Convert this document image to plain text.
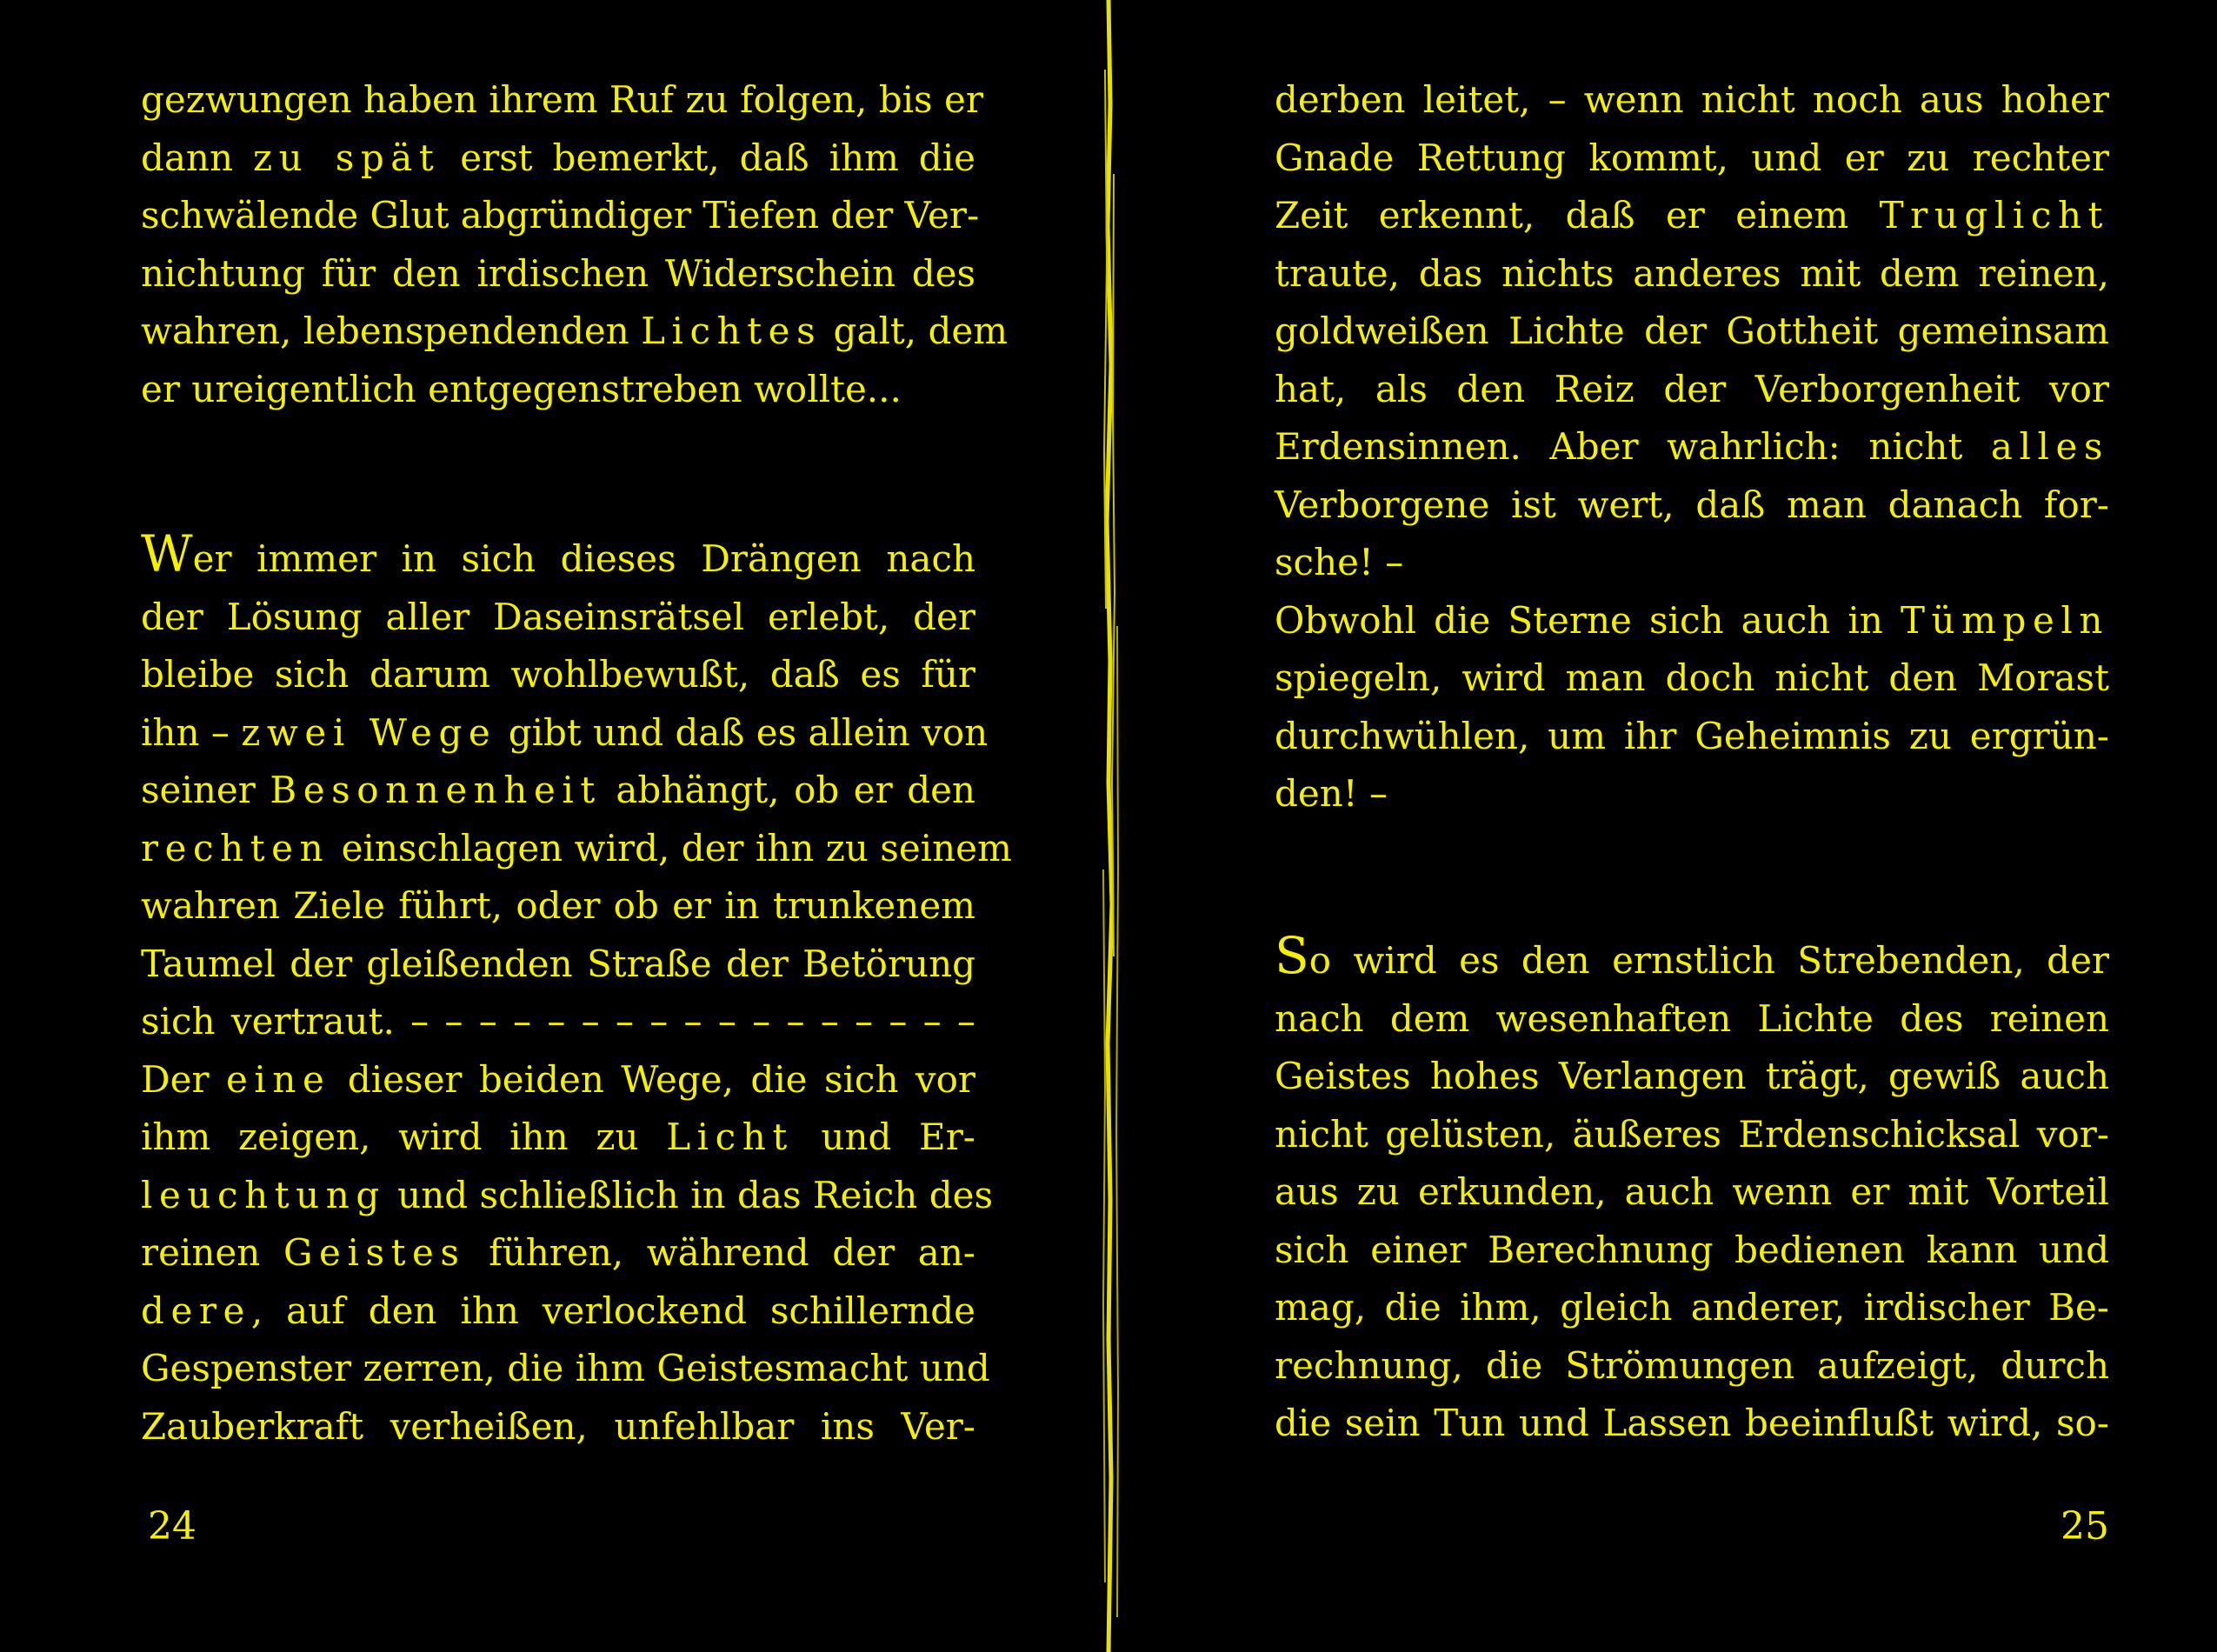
gezwungen haben ihrem Ruf zu folgen, bis er
dann zu spät erst bemerkt, daß ihm die
schwälende Glut abgründiger Tiefen der Ver-
nichtung für den irdischen Widerschein des
wahren, lebenspendenden Lichtes galt, dem
er ureigentlich entgegenstreben wollte...
Wer immer in sich dieses Drängen nach
der Lösung aller Daseinsrätsel erlebt, der
bleibe sich darum wohlbewußt, daß es für
ihn – zwei Wege gibt und daß es allein von
seiner Besonnenheit abhängt, ob er den
rechten einschlagen wird, der ihn zu seinem
wahren Ziele führt, oder ob er in trunkenem
Taumel der gleißenden Straße der Betörung
sich vertraut. – – – – – – – – – – – – – – – – –
Der eine dieser beiden Wege, die sich vor
ihm zeigen, wird ihn zu Licht und Er-
leuchtung und schließlich in das Reich des
reinen Geistes führen, während der an-
dere, auf den ihn verlockend schillernde
Gespenster zerren, die ihm Geistesmacht und
Zauberkraft verheißen, unfehlbar ins Ver-
24
derben leitet, – wenn nicht noch aus hoher
Gnade Rettung kommt, und er zu rechter
Zeit erkennt, daß er einem Truglicht
traute, das nichts anderes mit dem reinen,
goldweißen Lichte der Gottheit gemeinsam
hat, als den Reiz der Verborgenheit vor
Erdensinnen. Aber wahrlich: nicht alles
Verborgene ist wert, daß man danach for-
sche! –
Obwohl die Sterne sich auch in Tümpeln
spiegeln, wird man doch nicht den Morast
durchwühlen, um ihr Geheimnis zu ergrün-
den! –
So wird es den ernstlich Strebenden, der
nach dem wesenhaften Lichte des reinen
Geistes hohes Verlangen trägt, gewiß auch
nicht gelüsten, äußeres Erdenschicksal vor-
aus zu erkunden, auch wenn er mit Vorteil
sich einer Berechnung bedienen kann und
mag, die ihm, gleich anderer, irdischer Be-
rechnung, die Strömungen aufzeigt, durch
die sein Tun und Lassen beeinflußt wird, so-
25
